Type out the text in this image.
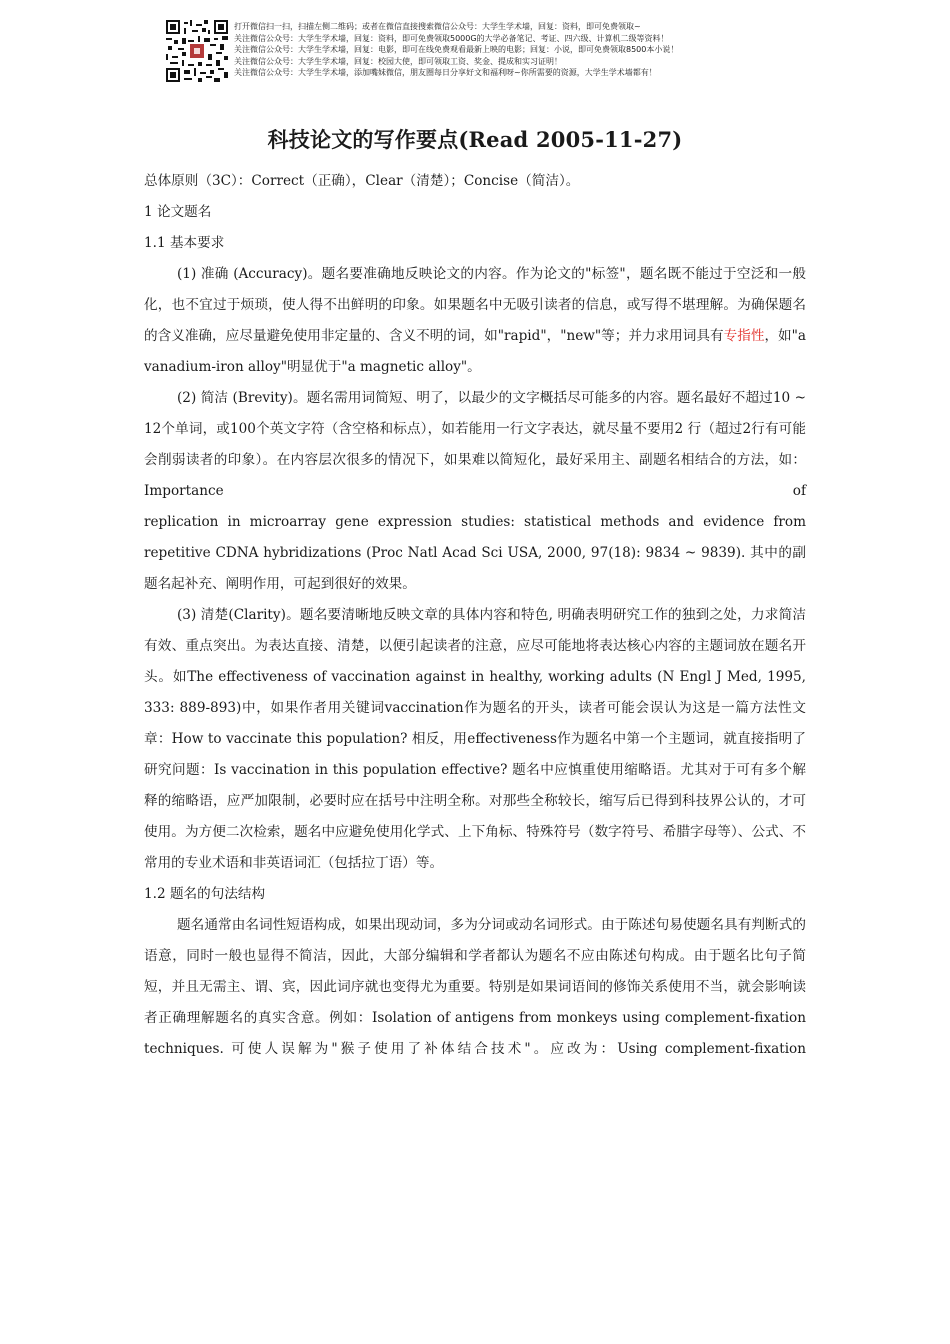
打开微信扫一扫，扫描左侧二维码；或者在微信直接搜索微信公众号：大学生学术墙，回复：资料，即可免费领取~
关注微信公众号：大学生学术墙，回复：资料，即可免费领取5000G的大学必备笔记、考证、四六级、计算机二级等资料！
关注微信公众号：大学生学术墙，回复：电影，即可在线免费观看最新上映的电影；回复：小说，即可免费领取8500本小说！
关注微信公众号：大学生学术墙，回复：校园大使，即可领取工资、奖金、提成和实习证明！
关注微信公众号：大学生学术墙，添加嘴妹微信，朋友圈每日分享好文和福利呀~你所需要的资源，大学生学术墙都有！
科技论文的写作要点(Read 2005-11-27)

总体原则（3C）：Correct（正确），Clear（清楚）；Concise（简洁）。

1 论文题名

1.1 基本要求

(1) 准确 (Accuracy)。题名要准确地反映论文的内容。作为论文的"标签"，题名既不能过于空泛和一般化，也不宜过于烦琐，使人得不出鲜明的印象。如果题名中无吸引读者的信息，或写得不堪理解。为确保题名的含义准确，应尽量避免使用非定量的、含义不明的词，如"rapid"，"new"等；并力求用词具有专指性，如"a vanadium-iron alloy"明显优于"a magnetic alloy"。

(2) 简洁 (Brevity)。题名需用词简短、明了，以最少的文字概括尽可能多的内容。题名最好不超过10 ~ 12个单词，或100个英文字符（含空格和标点），如若能用一行文字表达，就尽量不要用2 行（超过2行有可能会削弱读者的印象）。在内容层次很多的情况下，如果难以简短化，最好采用主、副题名相结合的方法，如：Importance of

replication in microarray gene expression studies: statistical methods and evidence from repetitive CDNA hybridizations (Proc Natl Acad Sci USA, 2000, 97(18): 9834 ~ 9839). 其中的副题名起补充、阐明作用，可起到很好的效果。

(3) 清楚(Clarity)。题名要清晰地反映文章的具体内容和特色, 明确表明研究工作的独到之处，力求简洁有效、重点突出。为表达直接、清楚，以便引起读者的注意，应尽可能地将表达核心内容的主题词放在题名开头。如The effectiveness of vaccination against in healthy, working adults (N Engl J Med, 1995, 333: 889-893)中，如果作者用关键词vaccination作为题名的开头，读者可能会误认为这是一篇方法性文章：How to vaccinate this population? 相反，用effectiveness作为题名中第一个主题词，就直接指明了研究问题：Is vaccination in this population effective? 题名中应慎重使用缩略语。尤其对于可有多个解释的缩略语，应严加限制，必要时应在括号中注明全称。对那些全称较长，缩写后已得到科技界公认的，才可使用。为方便二次检索，题名中应避免使用化学式、上下角标、特殊符号（数字符号、希腊字母等）、公式、不常用的专业术语和非英语词汇（包括拉丁语）等。

1.2 题名的句法结构

题名通常由名词性短语构成，如果出现动词，多为分词或动名词形式。由于陈述句易使题名具有判断式的语意，同时一般也显得不简洁，因此，大部分编辑和学者都认为题名不应由陈述句构成。由于题名比句子简短，并且无需主、谓、宾，因此词序就也变得尤为重要。特别是如果词语间的修饰关系使用不当，就会影响读者正确理解题名的真实含意。例如：Isolation of antigens from monkeys using complement-fixation techniques. 可使人误解为"猴子使用了补体结合技术"。应改为：Using complement-fixation
